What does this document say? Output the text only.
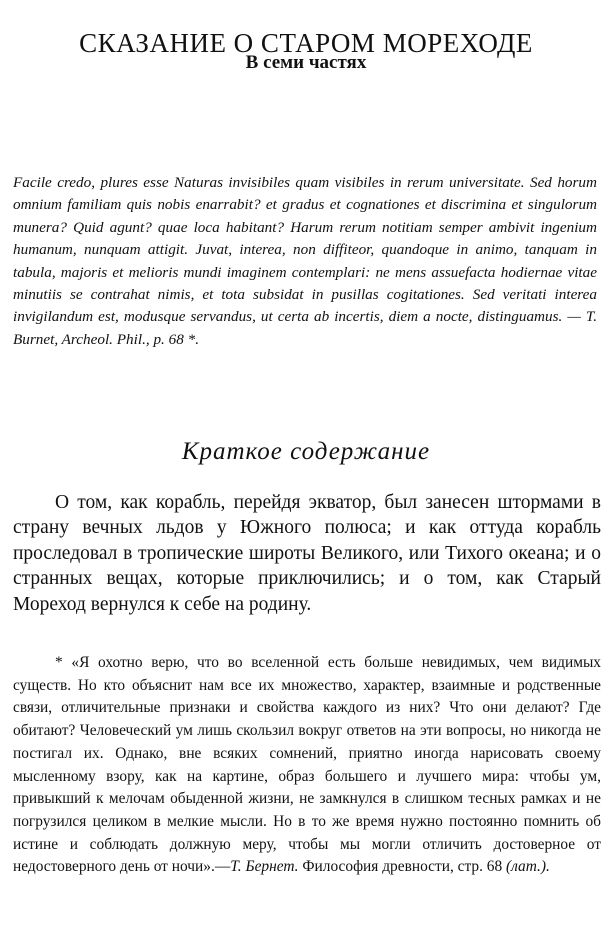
СКАЗАНИЕ О СТАРОМ МОРЕХОДЕ
В семи частях

Facile credo, plures esse Naturas invisibiles quam visibiles in rerum universitate. Sed horum omnium familiam quis nobis enarrabit? et gradus et cognationes et discrimina et singulorum munera? Quid agunt? quae loca habitant? Harum rerum notitiam semper ambivit ingenium humanum, nunquam attigit. Juvat, interea, non diffiteor, quandoque in animo, tanquam in tabula, majoris et melioris mundi imaginem contemplari: ne mens assuefacta hodiernae vitae minutiis se contrahat nimis, et tota subsidat in pusillas cogitationes. Sed veritati interea invigilandum est, modusque servandus, ut certa ab incertis, diem a nocte, distinguamus. — T. Burnet, Archeol. Phil., p. 68 *.

Краткое содержание

О том, как корабль, перейдя экватор, был занесен штормами в страну вечных льдов у Южного полюса; и как оттуда корабль проследовал в тропические широты Великого, или Тихого океана; и о странных вещах, которые приключились; и о том, как Старый Мореход вернулся к себе на родину.

* «Я охотно верю, что во вселенной есть больше невидимых, чем видимых существ. Но кто объяснит нам все их множество, характер, взаимные и родственные связи, отличительные признаки и свойства каждого из них? Что они делают? Где обитают? Человеческий ум лишь скользил вокруг ответов на эти вопросы, но никогда не постигал их. Однако, вне всяких сомнений, приятно иногда нарисовать своему мысленному взору, как на картине, образ большего и лучшего мира: чтобы ум, привыкший к мелочам обыденной жизни, не замкнулся в слишком тесных рамках и не погрузился целиком в мелкие мысли. Но в то же время нужно постоянно помнить об истине и соблюдать должную меру, чтобы мы могли отличить достоверное от недостоверного день от ночи».—Т. Бернет. Философия древности, стр. 68 (лат.).
